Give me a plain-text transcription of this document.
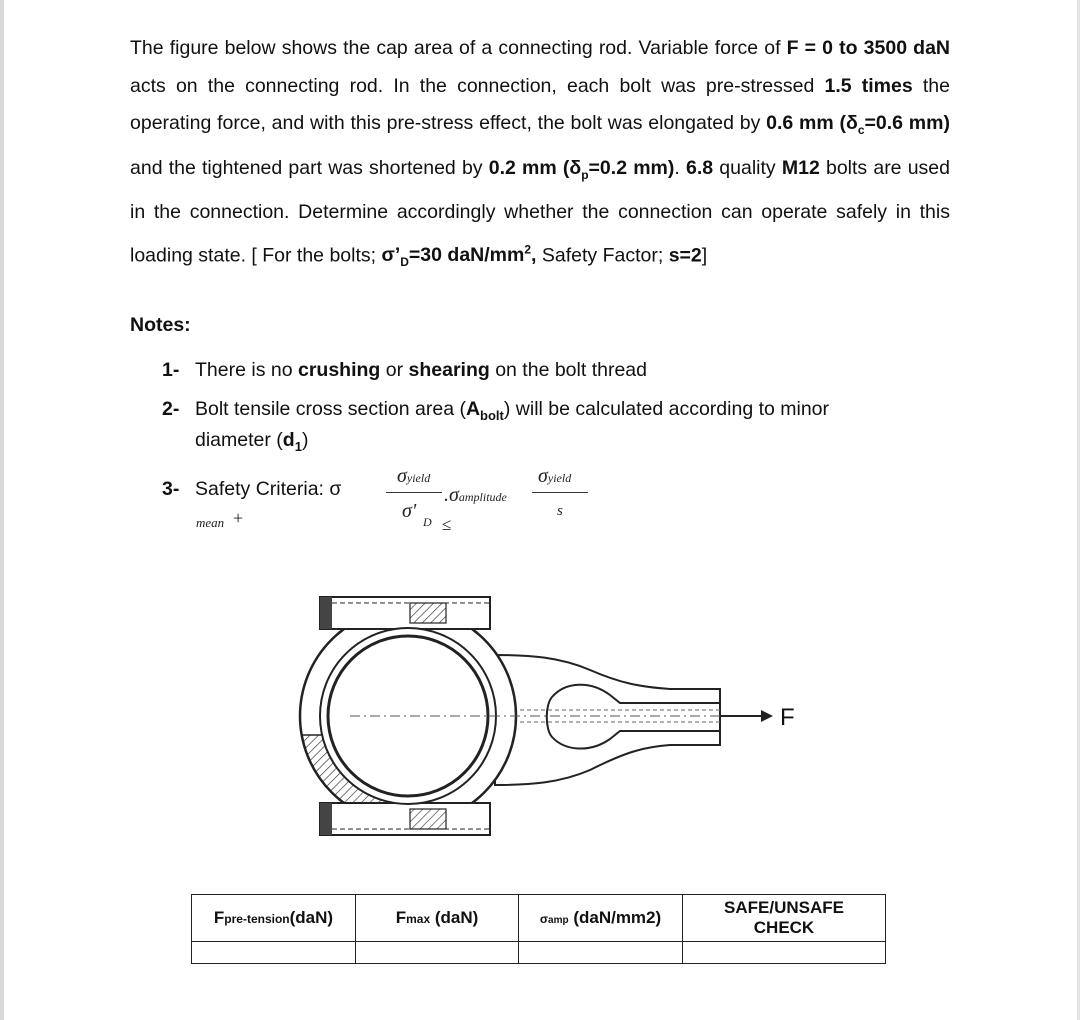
The figure below shows the cap area of a connecting rod. Variable force of F = 0 to 3500 daN acts on the connecting rod. In the connection, each bolt was pre-stressed 1.5 times the operating force, and with this pre-stress effect, the bolt was elongated by 0.6 mm ($\delta_c=0.6$ mm) and the tightened part was shortened by 0.2 mm ($\delta_p=0.2$ mm). 6.8 quality M12 bolts are used in the connection. Determine accordingly whether the connection can operate safely in this loading state. [ For the bolts; $\sigma’_D=30$ daN/$mm^2$, Safety Factor; s=2]
Notes:
1- There is no crushing or shearing on the bolt thread
2- Bolt tensile cross section area $(A_{bolt})$ will be calculated according to minor
diameter $(d_1)$
3- Safety Criteria: σ
mean +
σyield
.σamplitude
σ' D ≤
σyield
s
F
Fpre-tension(daN)	Fmax (daN)	σamp (daN/mm2)	SAFE/UNSAFE
CHECK
